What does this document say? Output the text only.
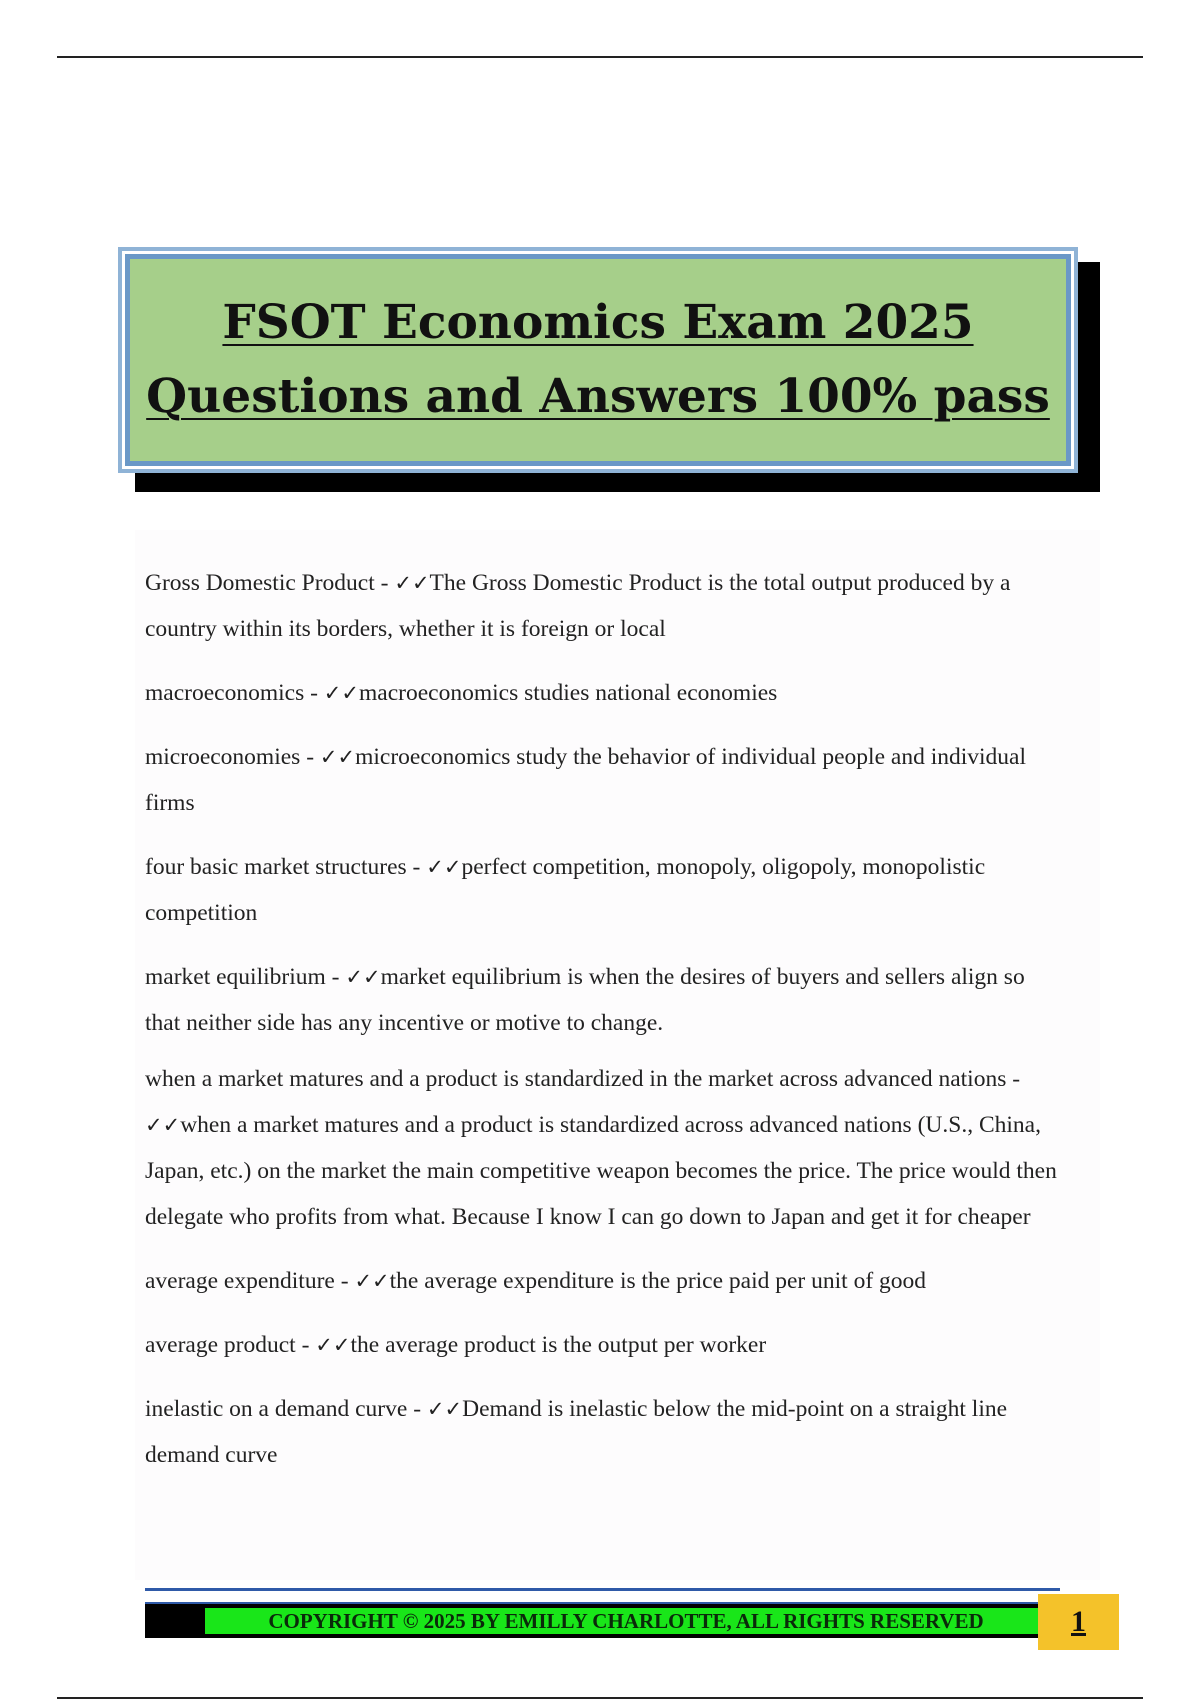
FSOT Economics Exam 2025
Questions and Answers 100% pass
Gross Domestic Product - ✓✓The Gross Domestic Product is the total output produced by a country within its borders, whether it is foreign or local
macroeconomics - ✓✓macroeconomics studies national economies
microeconomies - ✓✓microeconomics study the behavior of individual people and individual firms
four basic market structures - ✓✓perfect competition, monopoly, oligopoly, monopolistic competition
market equilibrium - ✓✓market equilibrium is when the desires of buyers and sellers align so that neither side has any incentive or motive to change.
when a market matures and a product is standardized in the market across advanced nations - ✓✓when a market matures and a product is standardized across advanced nations (U.S., China, Japan, etc.) on the market the main competitive weapon becomes the price. The price would then delegate who profits from what. Because I know I can go down to Japan and get it for cheaper
average expenditure - ✓✓the average expenditure is the price paid per unit of good
average product - ✓✓the average product is the output per worker
inelastic on a demand curve - ✓✓Demand is inelastic below the mid-point on a straight line demand curve
COPYRIGHT © 2025 BY EMILLY CHARLOTTE, ALL RIGHTS RESERVED	1
